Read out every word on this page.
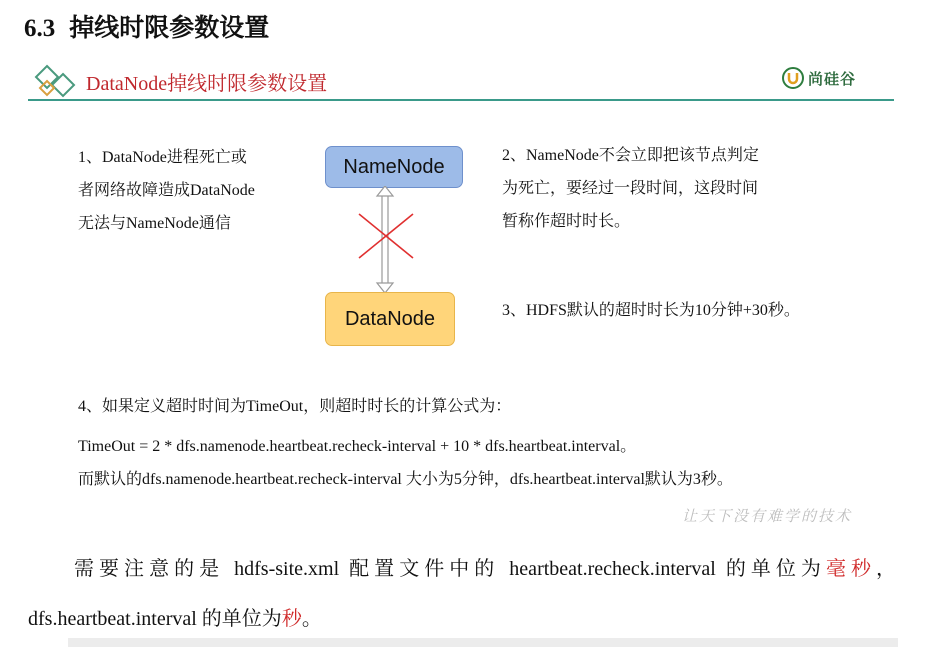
6.3 掉线时限参数设置
DataNode掉线时限参数设置	尚硅谷
1、DataNode进程死亡或
者网络故障造成DataNode
无法与NameNode通信
NameNode
DataNode
2、NameNode不会立即把该节点判定
为死亡，要经过一段时间，这段时间
暂称作超时时长。
3、HDFS默认的超时时长为10分钟+30秒。
4、如果定义超时时间为TimeOut，则超时时长的计算公式为：
TimeOut = 2 * dfs.namenode.heartbeat.recheck-interval + 10 * dfs.heartbeat.interval。
而默认的dfs.namenode.heartbeat.recheck-interval 大小为5分钟，dfs.heartbeat.interval默认为3秒。
让天下没有难学的技术
需要注意的是 hdfs-site.xml 配置文件中的 heartbeat.recheck.interval 的单位为毫秒，
dfs.heartbeat.interval 的单位为秒。
